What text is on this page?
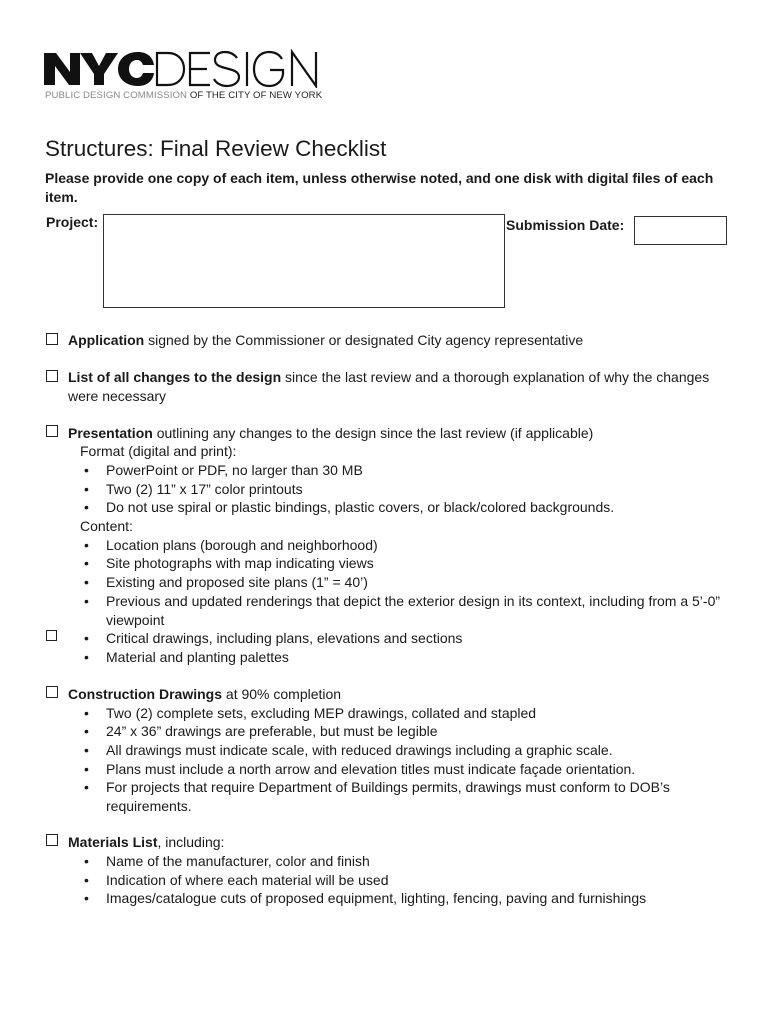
NYCDESIGN
PUBLIC DESIGN COMMISSION OF THE CITY OF NEW YORK
Structures: Final Review Checklist

Please provide one copy of each item, unless otherwise noted, and one disk with digital files of each item.

Project:	Submission Date:

Application signed by the Commissioner or designated City agency representative

List of all changes to the design since the last review and a thorough explanation of why the changes were necessary

Presentation outlining any changes to the design since the last review (if applicable)

Format (digital and print):

•	PowerPoint or PDF, no larger than 30 MB

•	Two (2) 11” x 17” color printouts

•	Do not use spiral or plastic bindings, plastic covers, or black/colored backgrounds.

Content:

•	Location plans (borough and neighborhood)

•	Site photographs with map indicating views

•	Existing and proposed site plans (1” = 40’)

•	Previous and updated renderings that depict the exterior design in its context, including from a 5’-0” viewpoint

•	Critical drawings, including plans, elevations and sections

•	Material and planting palettes

Construction Drawings at 90% completion

•	Two (2) complete sets, excluding MEP drawings, collated and stapled

•	24” x 36” drawings are preferable, but must be legible

•	All drawings must indicate scale, with reduced drawings including a graphic scale.

•	Plans must include a north arrow and elevation titles must indicate façade orientation.

•	For projects that require Department of Buildings permits, drawings must conform to DOB’s requirements.

Materials List, including:

•	Name of the manufacturer, color and finish

•	Indication of where each material will be used

•	Images/catalogue cuts of proposed equipment, lighting, fencing, paving and furnishings
